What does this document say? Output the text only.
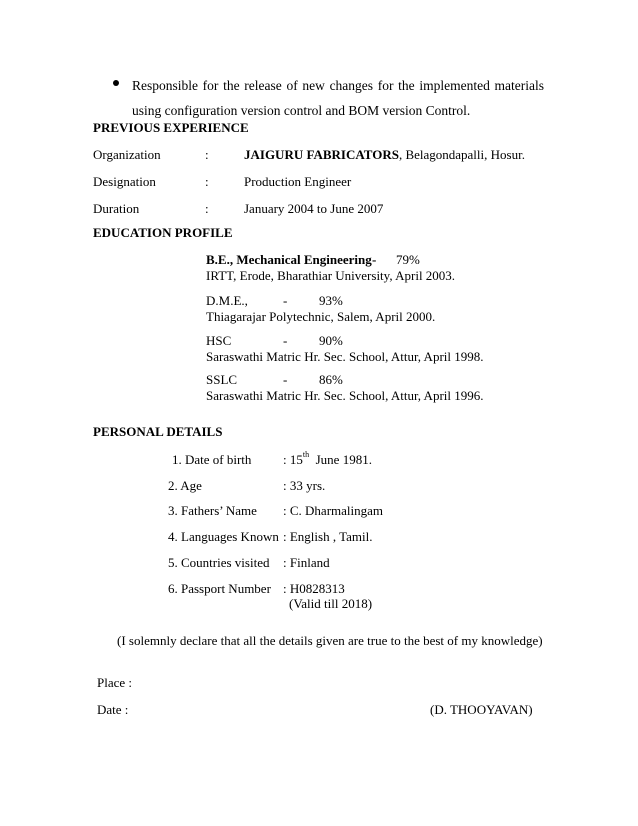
Responsible for the release of new changes for the implemented materials using configuration version control and BOM version Control.
PREVIOUS EXPERIENCE
Organization	:	JAIGURU FABRICATORS, Belagondapalli, Hosur.
Designation	:	Production Engineer
Duration	:	January 2004 to June 2007
EDUCATION PROFILE
B.E., Mechanical Engineering - 79%
IRTT, Erode, Bharathiar University, April 2003.
D.M.E.,	- 93%
Thiagarajar Polytechnic, Salem, April 2000.
HSC	- 90%
Saraswathi Matric Hr. Sec. School, Attur, April 1998.
SSLC	- 86%
Saraswathi Matric Hr. Sec. School, Attur, April 1996.
PERSONAL DETAILS
1. Date of birth : 15th June 1981.
2. Age	: 33 yrs.
3. Fathers’ Name : C. Dharmalingam
4. Languages Known : English , Tamil.
5. Countries visited : Finland
6. Passport Number : H0828313
(Valid till 2018)
(I solemnly declare that all the details given are true to the best of my knowledge)
Place :
Date :	(D. THOOYAVAN)
